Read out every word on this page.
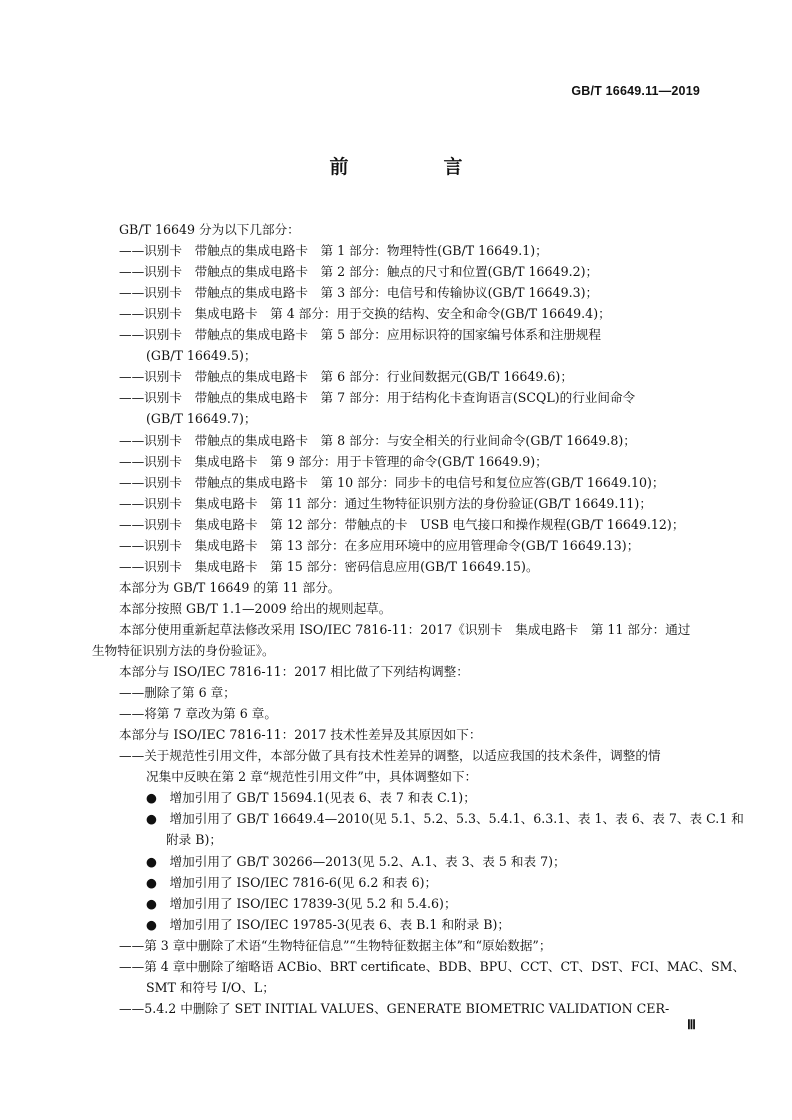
GB/T 16649.11—2019
前　言
GB/T 16649 分为以下几部分：
——识别卡　带触点的集成电路卡　第 1 部分：物理特性(GB/T 16649.1)；
——识别卡　带触点的集成电路卡　第 2 部分：触点的尺寸和位置(GB/T 16649.2)；
——识别卡　带触点的集成电路卡　第 3 部分：电信号和传输协议(GB/T 16649.3)；
——识别卡　集成电路卡　第 4 部分：用于交换的结构、安全和命令(GB/T 16649.4)；
——识别卡　带触点的集成电路卡　第 5 部分：应用标识符的国家编号体系和注册规程
(GB/T 16649.5)；
——识别卡　带触点的集成电路卡　第 6 部分：行业间数据元(GB/T 16649.6)；
——识别卡　带触点的集成电路卡　第 7 部分：用于结构化卡查询语言(SCQL)的行业间命令
(GB/T 16649.7)；
——识别卡　带触点的集成电路卡　第 8 部分：与安全相关的行业间命令(GB/T 16649.8)；
——识别卡　集成电路卡　第 9 部分：用于卡管理的命令(GB/T 16649.9)；
——识别卡　带触点的集成电路卡　第 10 部分：同步卡的电信号和复位应答(GB/T 16649.10)；
——识别卡　集成电路卡　第 11 部分：通过生物特征识别方法的身份验证(GB/T 16649.11)；
——识别卡　集成电路卡　第 12 部分：带触点的卡　USB 电气接口和操作规程(GB/T 16649.12)；
——识别卡　集成电路卡　第 13 部分：在多应用环境中的应用管理命令(GB/T 16649.13)；
——识别卡　集成电路卡　第 15 部分：密码信息应用(GB/T 16649.15)。
本部分为 GB/T 16649 的第 11 部分。
本部分按照 GB/T 1.1—2009 给出的规则起草。
本部分使用重新起草法修改采用 ISO/IEC 7816-11：2017《识别卡　集成电路卡　第 11 部分：通过
生物特征识别方法的身份验证》。
本部分与 ISO/IEC 7816-11：2017 相比做了下列结构调整：
——删除了第 6 章；
——将第 7 章改为第 6 章。
本部分与 ISO/IEC 7816-11：2017 技术性差异及其原因如下：
——关于规范性引用文件，本部分做了具有技术性差异的调整，以适应我国的技术条件，调整的情
况集中反映在第 2 章“规范性引用文件”中，具体调整如下：
●　增加引用了 GB/T 15694.1(见表 6、表 7 和表 C.1)；
●　增加引用了 GB/T 16649.4—2010(见 5.1、5.2、5.3、5.4.1、6.3.1、表 1、表 6、表 7、表 C.1 和
附录 B)；
●　增加引用了 GB/T 30266—2013(见 5.2、A.1、表 3、表 5 和表 7)；
●　增加引用了 ISO/IEC 7816-6(见 6.2 和表 6)；
●　增加引用了 ISO/IEC 17839-3(见 5.2 和 5.4.6)；
●　增加引用了 ISO/IEC 19785-3(见表 6、表 B.1 和附录 B)；
——第 3 章中删除了术语“生物特征信息”“生物特征数据主体”和“原始数据”；
——第 4 章中删除了缩略语 ACBio、BRT certificate、BDB、BPU、CCT、CT、DST、FCI、MAC、SM、
SMT 和符号 I/O、L；
——5.4.2 中删除了 SET INITIAL VALUES、GENERATE BIOMETRIC VALIDATION CER-
Ⅲ
